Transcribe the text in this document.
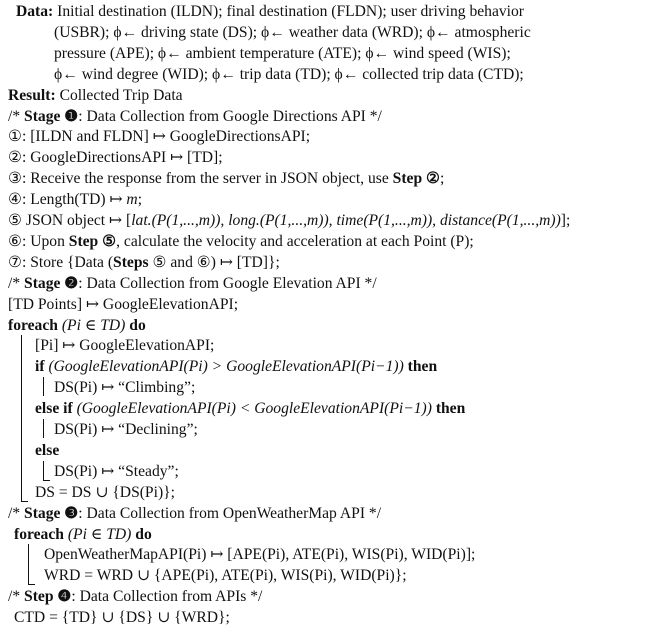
Data: Initial destination (ILDN); final destination (FLDN); user driving behavior
(USBR); ϕ← driving state (DS); ϕ← weather data (WRD); ϕ← atmospheric
pressure (APE); ϕ← ambient temperature (ATE); ϕ← wind speed (WIS);
ϕ← wind degree (WID); ϕ← trip data (TD); ϕ← collected trip data (CTD);
Result: Collected Trip Data
/* Stage ❶: Data Collection from Google Directions API */
①: [ILDN and FLDN] ↦ GoogleDirectionsAPI;
②: GoogleDirectionsAPI ↦ [TD];
③: Receive the response from the server in JSON object, use Step ②;
④: Length(TD) ↦ m;
⑤ JSON object ↦ [lat.(P(1,...,m)), long.(P(1,...,m)), time(P(1,...,m)), distance(P(1,...,m))];
⑥: Upon Step ⑤, calculate the velocity and acceleration at each Point (P);
⑦: Store {Data (Steps ⑤ and ⑥) ↦ [TD]};
/* Stage ❷: Data Collection from Google Elevation API */
[TD Points] ↦ GoogleElevationAPI;
foreach (Pi ∈ TD) do
[Pi] ↦ GoogleElevationAPI;
if (GoogleElevationAPI(Pi) > GoogleElevationAPI(Pi−1)) then
DS(Pi) ↦ “Climbing”;
else if (GoogleElevationAPI(Pi) < GoogleElevationAPI(Pi−1)) then
DS(Pi) ↦ “Declining”;
else
DS(Pi) ↦ “Steady”;
DS = DS ∪ {DS(Pi)};
/* Stage ❸: Data Collection from OpenWeatherMap API */
foreach (Pi ∈ TD) do
OpenWeatherMapAPI(Pi) ↦ [APE(Pi), ATE(Pi), WIS(Pi), WID(Pi)];
WRD = WRD ∪ {APE(Pi), ATE(Pi), WIS(Pi), WID(Pi)};
/* Step ❹: Data Collection from APIs */
CTD = {TD} ∪ {DS} ∪ {WRD};
